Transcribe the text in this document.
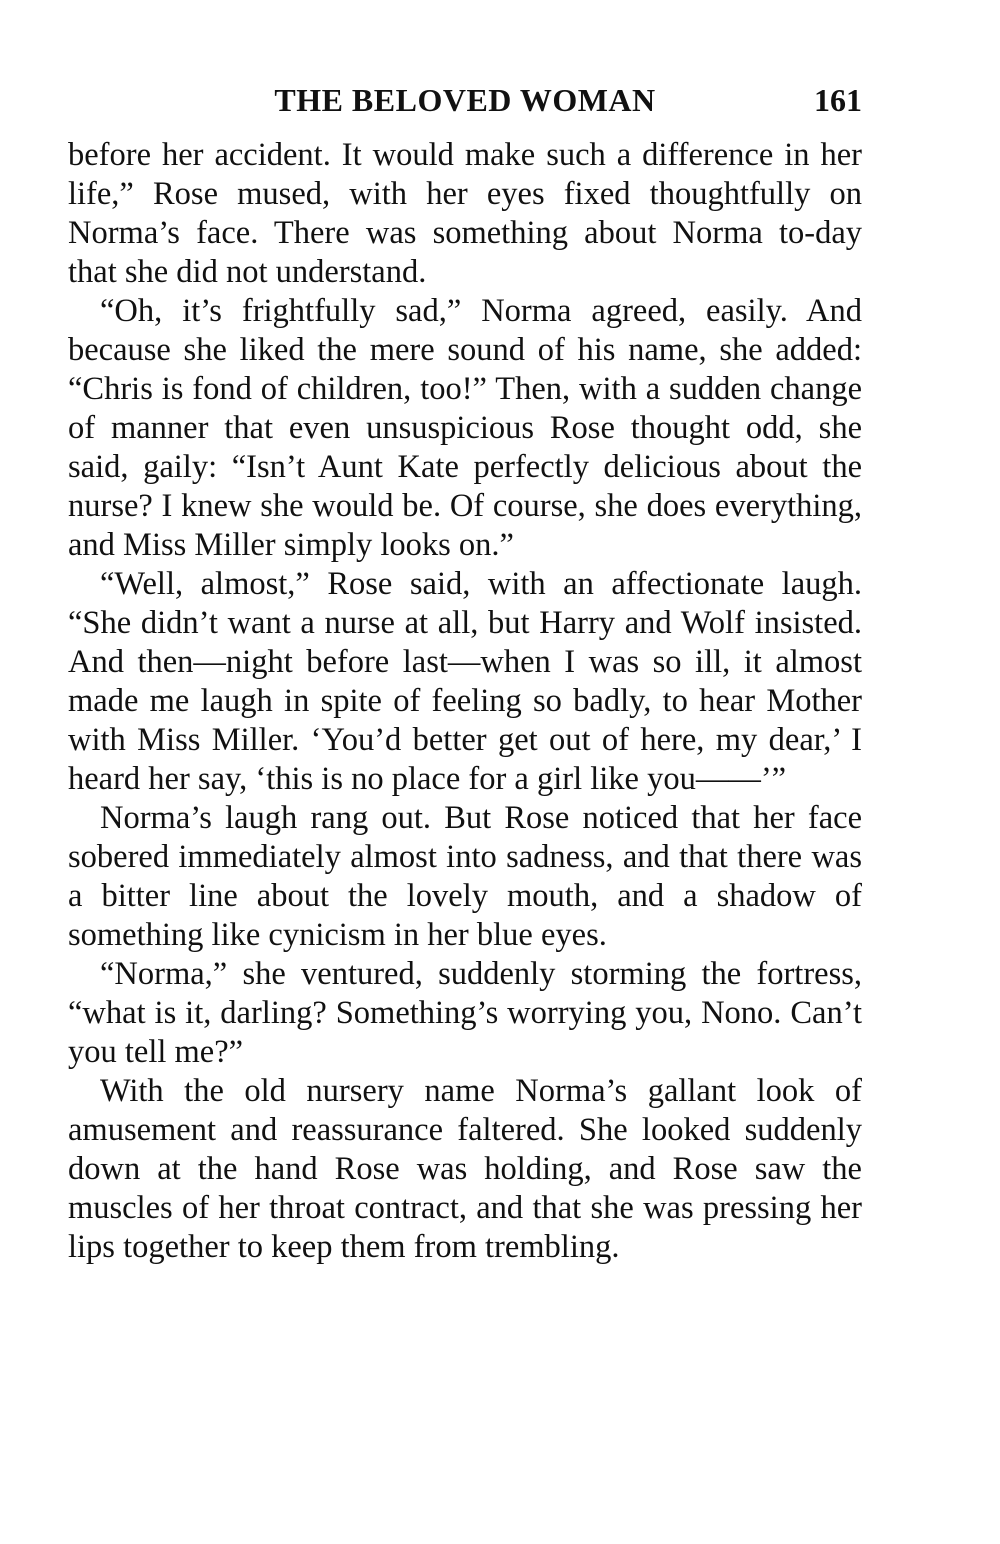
THE BELOVED WOMAN	161

before her accident. It would make such a difference in her life,” Rose mused, with her eyes fixed thoughtfully on Norma’s face. There was something about Norma to-day that she did not understand.

“Oh, it’s frightfully sad,” Norma agreed, easily. And because she liked the mere sound of his name, she added: “Chris is fond of children, too!” Then, with a sudden change of manner that even unsuspicious Rose thought odd, she said, gaily: “Isn’t Aunt Kate perfectly delicious about the nurse? I knew she would be. Of course, she does everything, and Miss Miller simply looks on.”

“Well, almost,” Rose said, with an affectionate laugh. “She didn’t want a nurse at all, but Harry and Wolf insisted. And then—night before last—when I was so ill, it almost made me laugh in spite of feeling so badly, to hear Mother with Miss Miller. ‘You’d better get out of here, my dear,’ I heard her say, ‘this is no place for a girl like you——’”

Norma’s laugh rang out. But Rose noticed that her face sobered immediately almost into sadness, and that there was a bitter line about the lovely mouth, and a shadow of something like cynicism in her blue eyes.

“Norma,” she ventured, suddenly storming the fortress, “what is it, darling? Something’s worrying you, Nono. Can’t you tell me?”

With the old nursery name Norma’s gallant look of amusement and reassurance faltered. She looked suddenly down at the hand Rose was holding, and Rose saw the muscles of her throat contract, and that she was pressing her lips together to keep them from trembling.
